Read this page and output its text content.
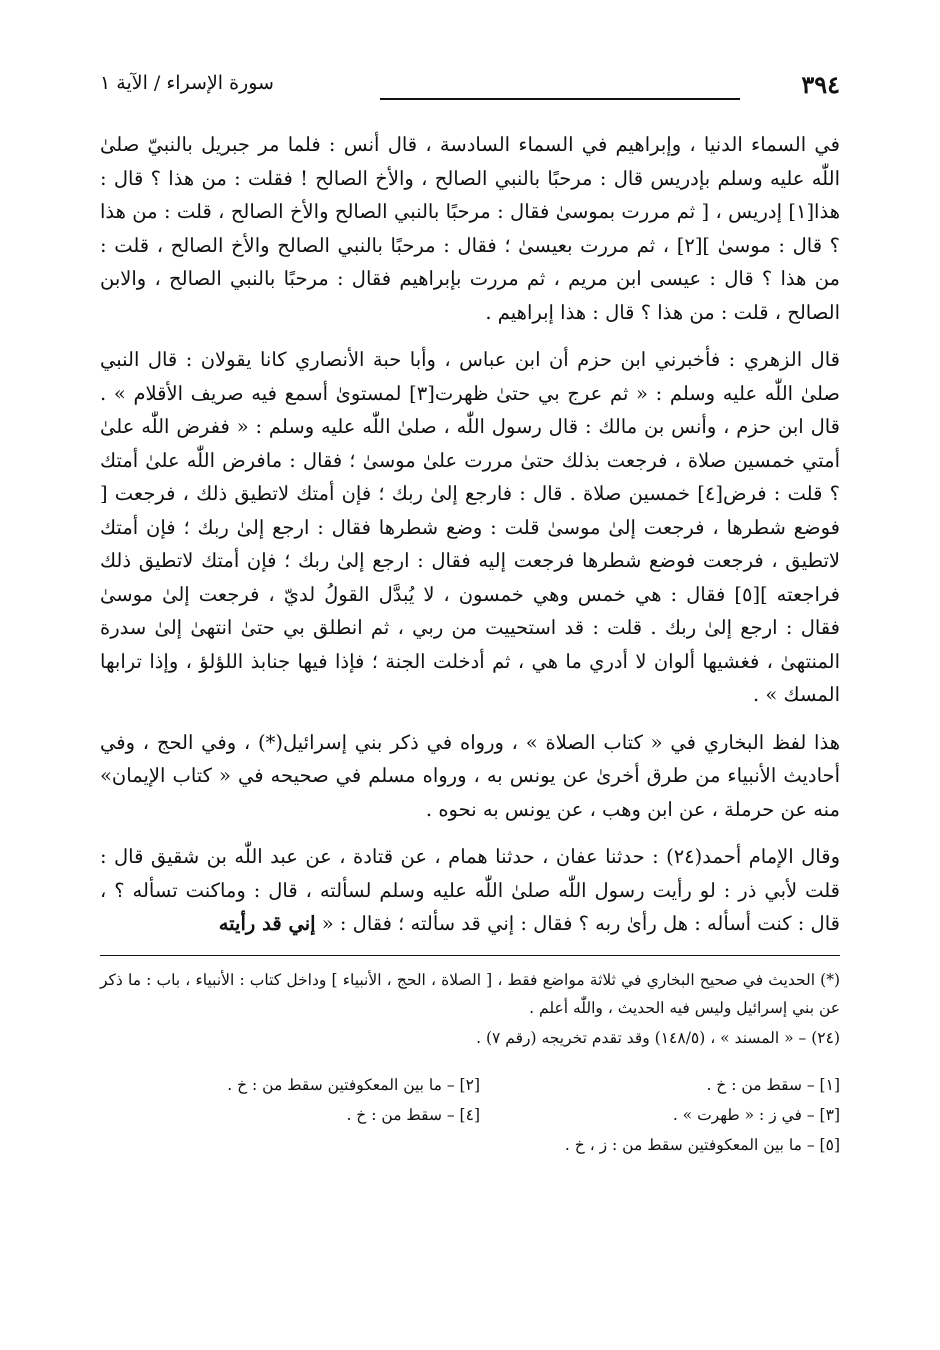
٣٩٤
سورة الإسراء / الآية ١

في السماء الدنيا ، وإبراهيم في السماء السادسة ، قال أنس : فلما مر جبريل بالنبيّ صلىٰ اللّٰه عليه وسلم بإدريس قال : مرحبًا بالنبي الصالح ، والأخ الصالح ! فقلت : من هذا ؟ قال : هذا[١] إدريس ، [ ثم مررت بموسىٰ فقال : مرحبًا بالنبي الصالح والأخ الصالح ، قلت : من هذا ؟ قال : موسىٰ ][٢] ، ثم مررت بعيسىٰ ؛ فقال : مرحبًا بالنبي الصالح والأخ الصالح ، قلت : من هذا ؟ قال : عيسى ابن مريم ، ثم مررت بإبراهيم فقال : مرحبًا بالنبي الصالح ، والابن الصالح ، قلت : من هذا ؟ قال : هذا إبراهيم .

قال الزهري : فأخبرني ابن حزم أن ابن عباس ، وأبا حبة الأنصاري كانا يقولان : قال النبي صلىٰ اللّٰه عليه وسلم : « ثم عرج بي حتىٰ ظهرت[٣] لمستوىٰ أسمع فيه صريف الأقلام » . قال ابن حزم ، وأنس بن مالك : قال رسول اللّٰه ، صلىٰ اللّٰه عليه وسلم : « ففرض اللّٰه علىٰ أمتي خمسين صلاة ، فرجعت بذلك حتىٰ مررت علىٰ موسىٰ ؛ فقال : مافرض اللّٰه علىٰ أمتك ؟ قلت : فرض[٤] خمسين صلاة . قال : فارجع إلىٰ ربك ؛ فإن أمتك لاتطيق ذلك ، فرجعت [ فوضع شطرها ، فرجعت إلىٰ موسىٰ قلت : وضع شطرها فقال : ارجع إلىٰ ربك ؛ فإن أمتك لاتطيق ، فرجعت فوضع شطرها فرجعت إليه فقال : ارجع إلىٰ ربك ؛ فإن أمتك لاتطيق ذلك فراجعته ][٥] فقال : هي خمس وهي خمسون ، لا يُبدَّل القولُ لديّ ، فرجعت إلىٰ موسىٰ فقال : ارجع إلىٰ ربك . قلت : قد استحييت من ربي ، ثم انطلق بي حتىٰ انتهىٰ إلىٰ سدرة المنتهىٰ ، فغشيها ألوان لا أدري ما هي ، ثم أدخلت الجنة ؛ فإذا فيها جنابذ اللؤلؤ ، وإذا ترابها المسك » .

هذا لفظ البخاري في « كتاب الصلاة » ، ورواه في ذكر بني إسرائيل(*) ، وفي الحج ، وفي أحاديث الأنبياء من طرق أخرىٰ عن يونس به ، ورواه مسلم في صحيحه في « كتاب الإيمان» منه عن حرملة ، عن ابن وهب ، عن يونس به نحوه .

وقال الإمام أحمد(٢٤) : حدثنا عفان ، حدثنا همام ، عن قتادة ، عن عبد اللّٰه بن شقيق قال : قلت لأبي ذر : لو رأيت رسول اللّٰه صلىٰ اللّٰه عليه وسلم لسألته ، قال : وماكنت تسأله ؟ ، قال : كنت أسأله : هل رأىٰ ربه ؟ فقال : إني قد سألته ؛ فقال : « إني قد رأيته

(*) الحديث في صحيح البخاري في ثلاثة مواضع فقط ، [ الصلاة ، الحج ، الأنبياء ] وداخل كتاب : الأنبياء ، باب : ما ذكر عن بني إسرائيل وليس فيه الحديث ، واللّٰه أعلم .

(٢٤) – « المسند » ، (١٤٨/٥) وقد تقدم تخريجه (رقم ٧) .

[١] – سقط من : خ .
[٢] – ما بين المعكوفتين سقط من : خ .
[٣] – في ز : « طهرت » .
[٤] – سقط من : خ .
[٥] – ما بين المعكوفتين سقط من : ز ، خ .
